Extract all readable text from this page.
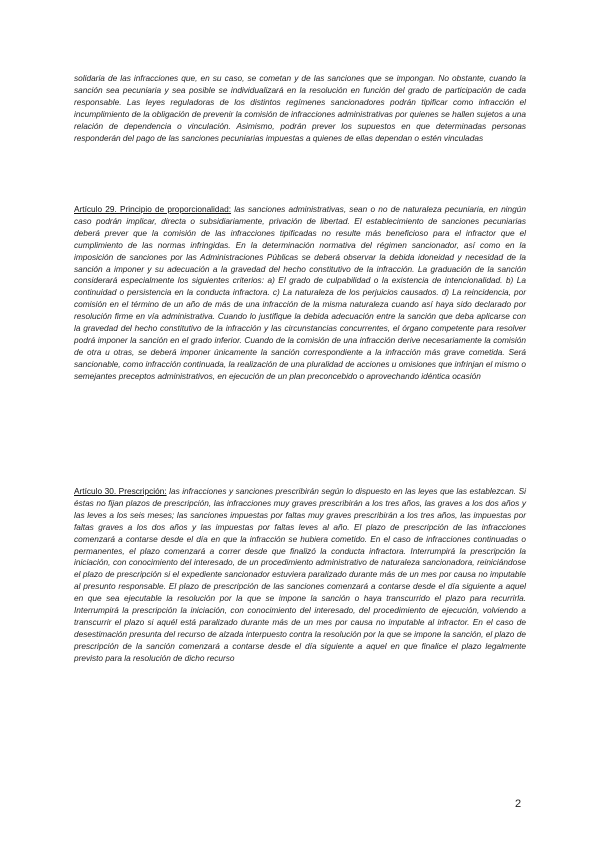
solidaria de las infracciones que, en su caso, se cometan y de las sanciones que se impongan. No obstante, cuando la sanción sea pecuniaria y sea posible se individualizará en la resolución en función del grado de participación de cada responsable. Las leyes reguladoras de los distintos regímenes sancionadores podrán tipificar como infracción el incumplimiento de la obligación de prevenir la comisión de infracciones administrativas por quienes se hallen sujetos a una relación de dependencia o vinculación. Asimismo, podrán prever los supuestos en que determinadas personas responderán del pago de las sanciones pecuniarias impuestas a quienes de ellas dependan o estén vinculadas

Artículo 29. Principio de proporcionalidad: las sanciones administrativas, sean o no de naturaleza pecuniaria, en ningún caso podrán implicar, directa o subsidiariamente, privación de libertad. El establecimiento de sanciones pecuniarias deberá prever que la comisión de las infracciones tipificadas no resulte más beneficioso para el infractor que el cumplimiento de las normas infringidas. En la determinación normativa del régimen sancionador, así como en la imposición de sanciones por las Administraciones Públicas se deberá observar la debida idoneidad y necesidad de la sanción a imponer y su adecuación a la gravedad del hecho constitutivo de la infracción. La graduación de la sanción considerará especialmente los siguientes criterios: a) El grado de culpabilidad o la existencia de intencionalidad. b) La continuidad o persistencia en la conducta infractora. c) La naturaleza de los perjuicios causados. d) La reincidencia, por comisión en el término de un año de más de una infracción de la misma naturaleza cuando así haya sido declarado por resolución firme en vía administrativa. Cuando lo justifique la debida adecuación entre la sanción que deba aplicarse con la gravedad del hecho constitutivo de la infracción y las circunstancias concurrentes, el órgano competente para resolver podrá imponer la sanción en el grado inferior. Cuando de la comisión de una infracción derive necesariamente la comisión de otra u otras, se deberá imponer únicamente la sanción correspondiente a la infracción más grave cometida. Será sancionable, como infracción continuada, la realización de una pluralidad de acciones u omisiones que infrinjan el mismo o semejantes preceptos administrativos, en ejecución de un plan preconcebido o aprovechando idéntica ocasión

Artículo 30. Prescripción: las infracciones y sanciones prescribirán según lo dispuesto en las leyes que las establezcan. Si éstas no fijan plazos de prescripción, las infracciones muy graves prescribirán a los tres años, las graves a los dos años y las leves a los seis meses; las sanciones impuestas por faltas muy graves prescribirán a los tres años, las impuestas por faltas graves a los dos años y las impuestas por faltas leves al año. El plazo de prescripción de las infracciones comenzará a contarse desde el día en que la infracción se hubiera cometido. En el caso de infracciones continuadas o permanentes, el plazo comenzará a correr desde que finalizó la conducta infractora. Interrumpirá la prescripción la iniciación, con conocimiento del interesado, de un procedimiento administrativo de naturaleza sancionadora, reiniciándose el plazo de prescripción si el expediente sancionador estuviera paralizado durante más de un mes por causa no imputable al presunto responsable. El plazo de prescripción de las sanciones comenzará a contarse desde el día siguiente a aquel en que sea ejecutable la resolución por la que se impone la sanción o haya transcurrido el plazo para recurrirla. Interrumpirá la prescripción la iniciación, con conocimiento del interesado, del procedimiento de ejecución, volviendo a transcurrir el plazo si aquél está paralizado durante más de un mes por causa no imputable al infractor. En el caso de desestimación presunta del recurso de alzada interpuesto contra la resolución por la que se impone la sanción, el plazo de prescripción de la sanción comenzará a contarse desde el día siguiente a aquel en que finalice el plazo legalmente previsto para la resolución de dicho recurso

2
